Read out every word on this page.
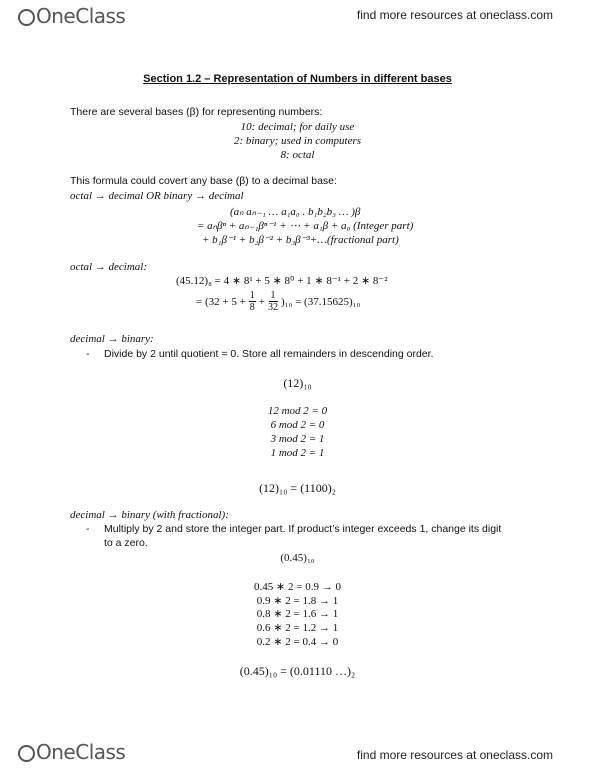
OneClass	find more resources at oneclass.com
Section 1.2 – Representation of Numbers in different bases
There are several bases (β) for representing numbers:
10: decimal; for daily use
2: binary; used in computers
8: octal
This formula could covert any base (β) to a decimal base:
octal → decimal OR binary → decimal
(aₙ aₙ₋₁ … a₁a₀ . b₁b₂b₃ … )β
= aₙβⁿ + aₙ₋₁βⁿ⁻¹ + ⋯ + a₁β + a₀ (Integer part)
+ b₁β⁻¹ + b₂β⁻² + b₃β⁻³+…(fractional part)
octal → decimal:
(45.12)₈ = 4 ∗ 8¹ + 5 ∗ 8⁰ + 1 ∗ 8⁻¹ + 2 ∗ 8⁻²
= $(32 + 5 + \frac{1}{8} + \frac{1}{32} )_{10} = (37.15625)_{10}$
decimal → binary:
- Divide by 2 until quotient = 0. Store all remainders in descending order.
(12)₁₀
12 mod 2 = 0
6 mod 2 = 0
3 mod 2 = 1
1 mod 2 = 1
(12)₁₀ = (1100)₂
decimal → binary (with fractional):
- Multiply by 2 and store the integer part. If product’s integer exceeds 1, change its digit
to a zero.
(0.45)₁₀
0.45 ∗ 2 = 0.9 → 0
0.9 ∗ 2 = 1.8 → 1
0.8 ∗ 2 = 1.6 → 1
0.6 ∗ 2 = 1.2 → 1
0.2 ∗ 2 = 0.4 → 0
(0.45)₁₀ = (0.01110 …)₂
OneClass	find more resources at oneclass.com
